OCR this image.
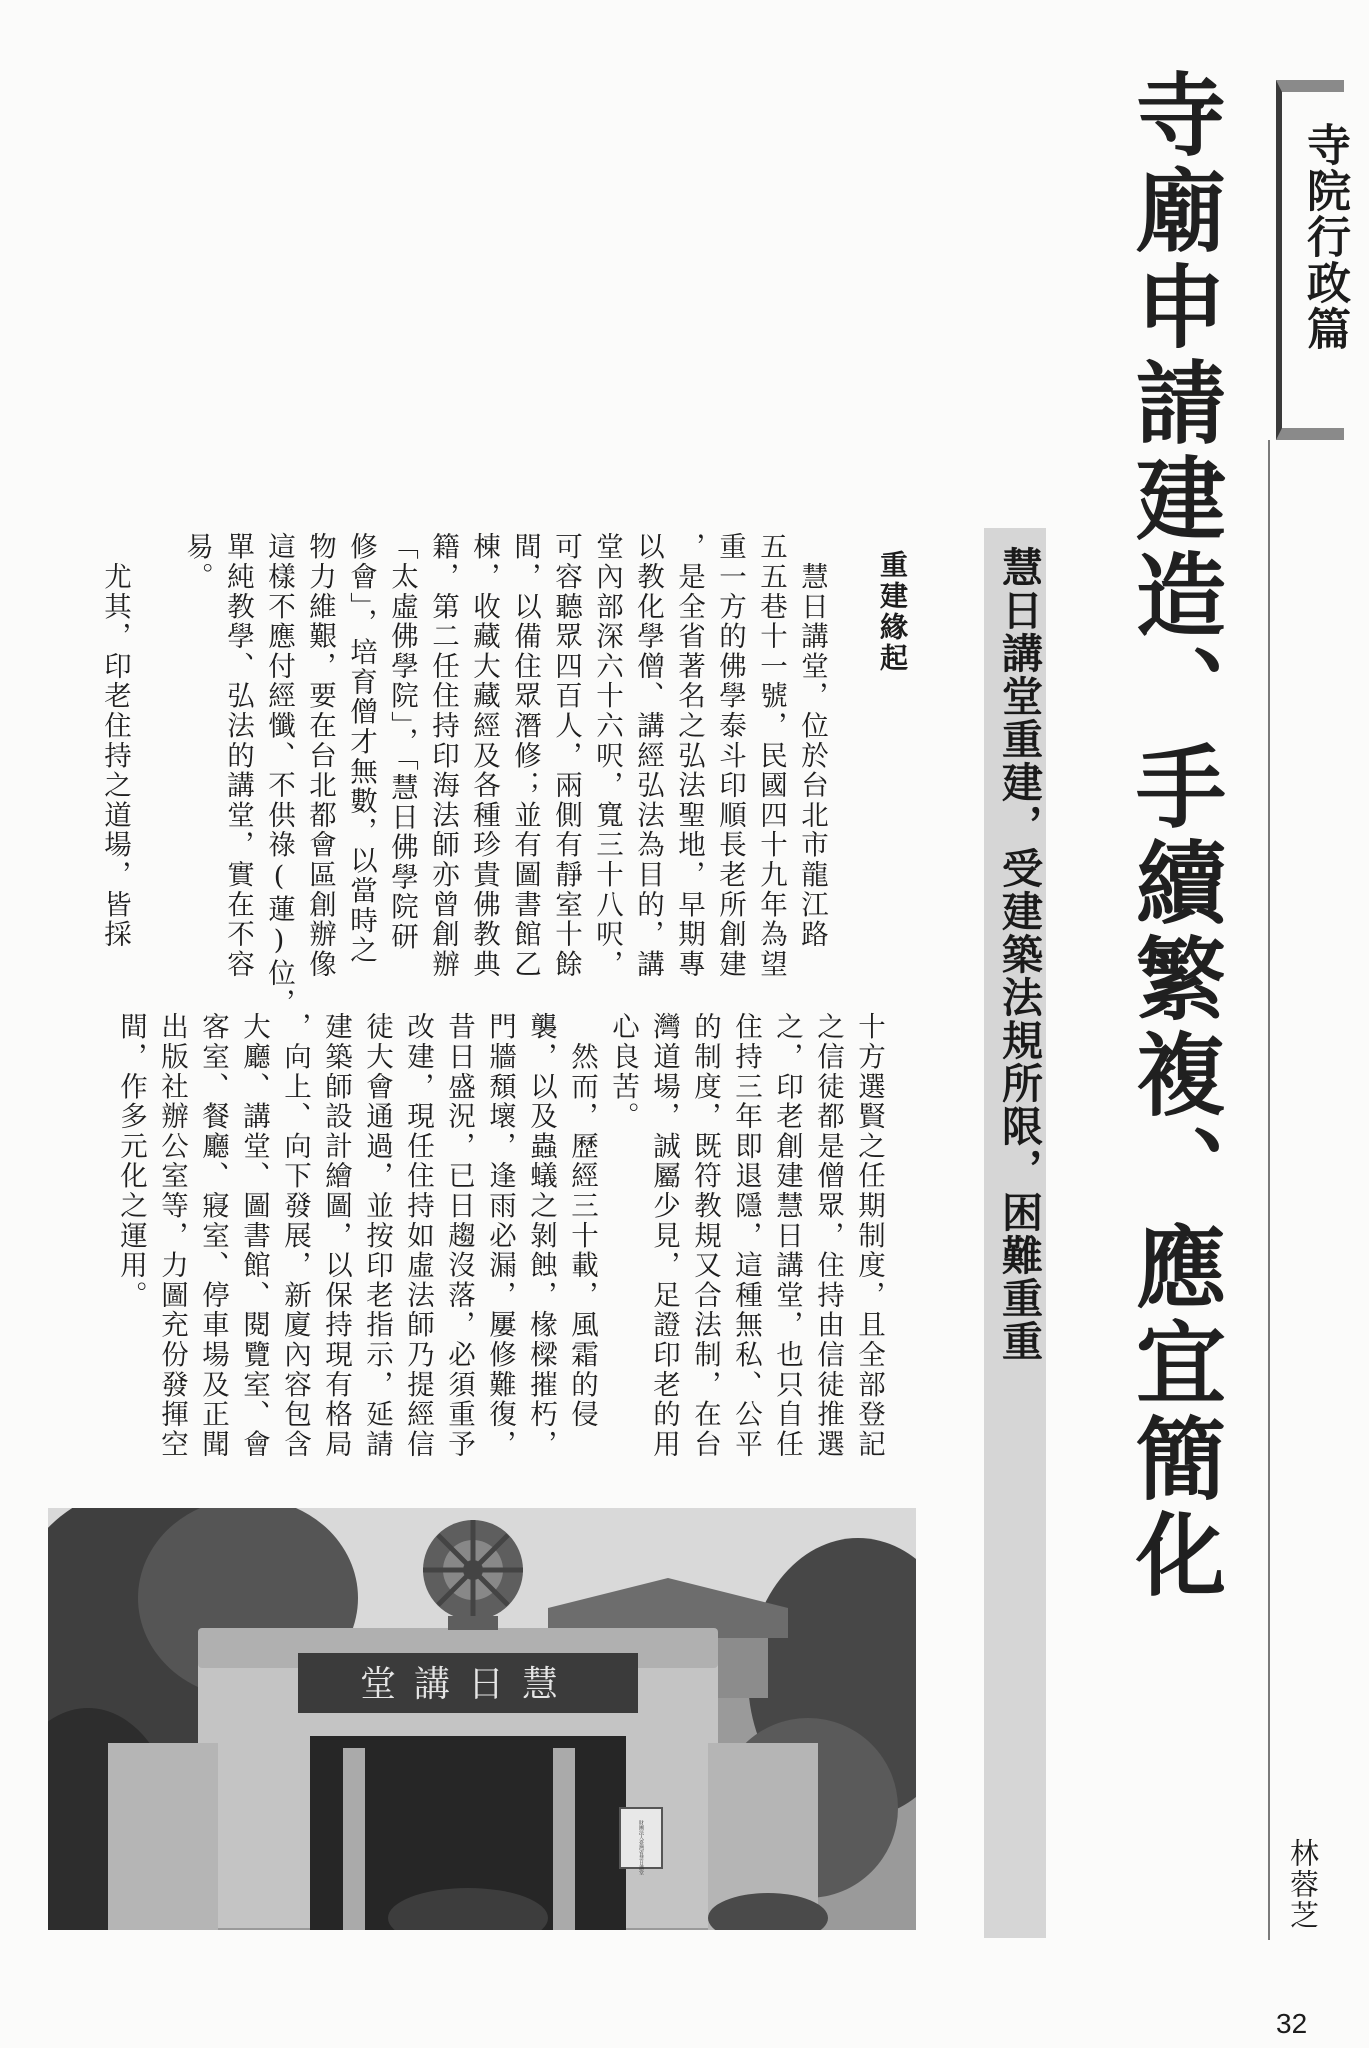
寺院行政篇
寺廟申請建造、手續繁複、應宜簡化
慧日講堂重建，受建築法規所限，困難重重
重建緣起
　慧日講堂，位於台北市龍江路
五五巷十一號，民國四十九年為望
重一方的佛學泰斗印順長老所創建
，是全省著名之弘法聖地，早期專
以教化學僧、講經弘法為目的，講
堂內部深六十六呎，寬三十八呎，
可容聽眾四百人，兩側有靜室十餘
間，以備住眾潛修；並有圖書館乙
棟，收藏大藏經及各種珍貴佛教典
籍，第二任住持印海法師亦曾創辦
「太虛佛學院」，「慧日佛學院研
修會」，培育僧才無數，以當時之
物力維艱，要在台北都會區創辦像
這樣不應付經懺、不供祿(蓮)位，
單純教學、弘法的講堂，實在不容
易。

　尤其，印老住持之道場，皆採

十方選賢之任期制度，且全部登記
之信徒都是僧眾，住持由信徒推選
之，印老創建慧日講堂，也只自任
住持三年即退隱，這種無私、公平
的制度，既符教規又合法制，在台
灣道場，誠屬少見，足證印老的用
心良苦。
　然而，歷經三十載，風霜的侵
襲，以及蟲蟻之剝蝕，椽樑摧朽，
門牆頹壞，逢雨必漏，屢修難復，
昔日盛況，已日趨沒落，必須重予
改建，現任住持如虛法師乃提經信
徒大會通過，並按印老指示，延請
建築師設計繪圖，以保持現有格局
，向上、向下發展，新廈內容包含
大廳、講堂、圖書館、閱覽室、會
客室、餐廳、寢室、停車場及正聞
出版社辦公室等，力圖充份發揮空
間，作多元化之運用。

慧日講堂
財團法人臺灣省慧日講堂	林蓉芝
32
